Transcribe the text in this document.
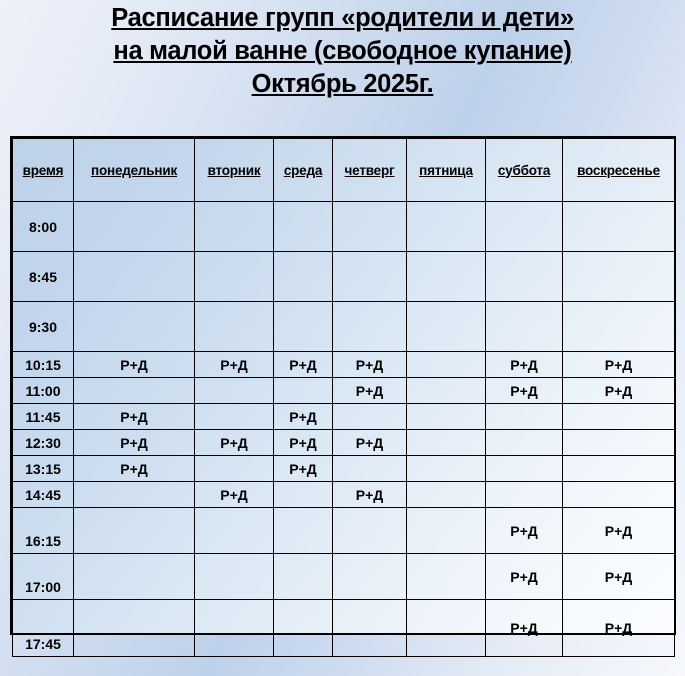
Расписание групп «родители и дети»
на малой ванне (свободное купание)
Октябрь 2025г.
время	понедельник	вторник	среда	четверг	пятница	суббота	воскресенье
8:00							
8:45							
9:30							
10:15	Р+Д	Р+Д	Р+Д	Р+Д		Р+Д	Р+Д
11:00				Р+Д		Р+Д	Р+Д
11:45	Р+Д		Р+Д				
12:30	Р+Д	Р+Д	Р+Д	Р+Д			
13:15	Р+Д		Р+Д				
14:45		Р+Д		Р+Д			
16:15						Р+Д	Р+Д
17:00						Р+Д	Р+Д
17:45						Р+Д	Р+Д
